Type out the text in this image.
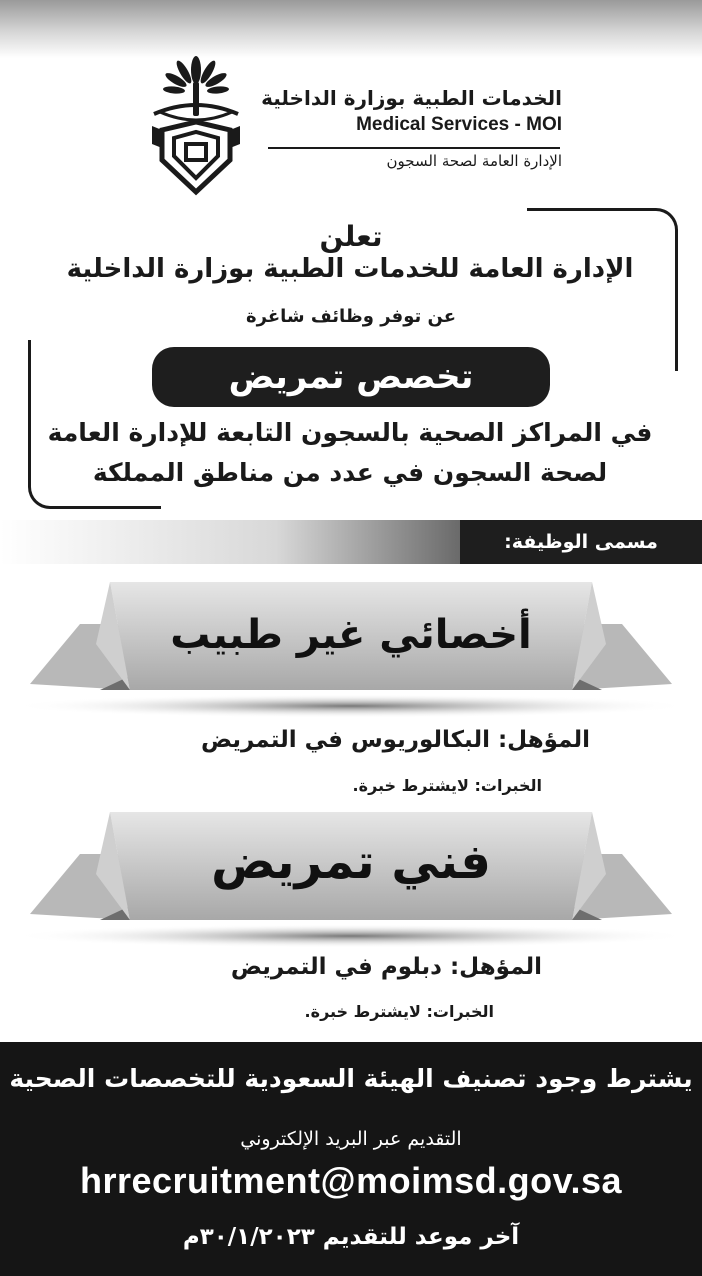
الخدمات الطبية بوزارة الداخلية
Medical Services - MOI
الإدارة العامة لصحة السجون
تعلن
الإدارة العامة للخدمات الطبية بوزارة الداخلية
عن توفر وظائف شاغرة
تخصص تمريض
في المراكز الصحية بالسجون التابعة للإدارة العامة
لصحة السجون في عدد من مناطق المملكة
مسمى الوظيفة:
أخصائي غير طبيب
المؤهل: البكالوريوس في التمريض
الخبرات: لايشترط خبرة.
فني تمريض
المؤهل: دبلوم في التمريض
الخبرات: لايشترط خبرة.
يشترط وجود تصنيف الهيئة السعودية للتخصصات الصحية
التقديم عبر البريد الإلكتروني
hrrecruitment@moimsd.gov.sa
آخر موعد للتقديم ٣٠/١/٢٠٢٣م
